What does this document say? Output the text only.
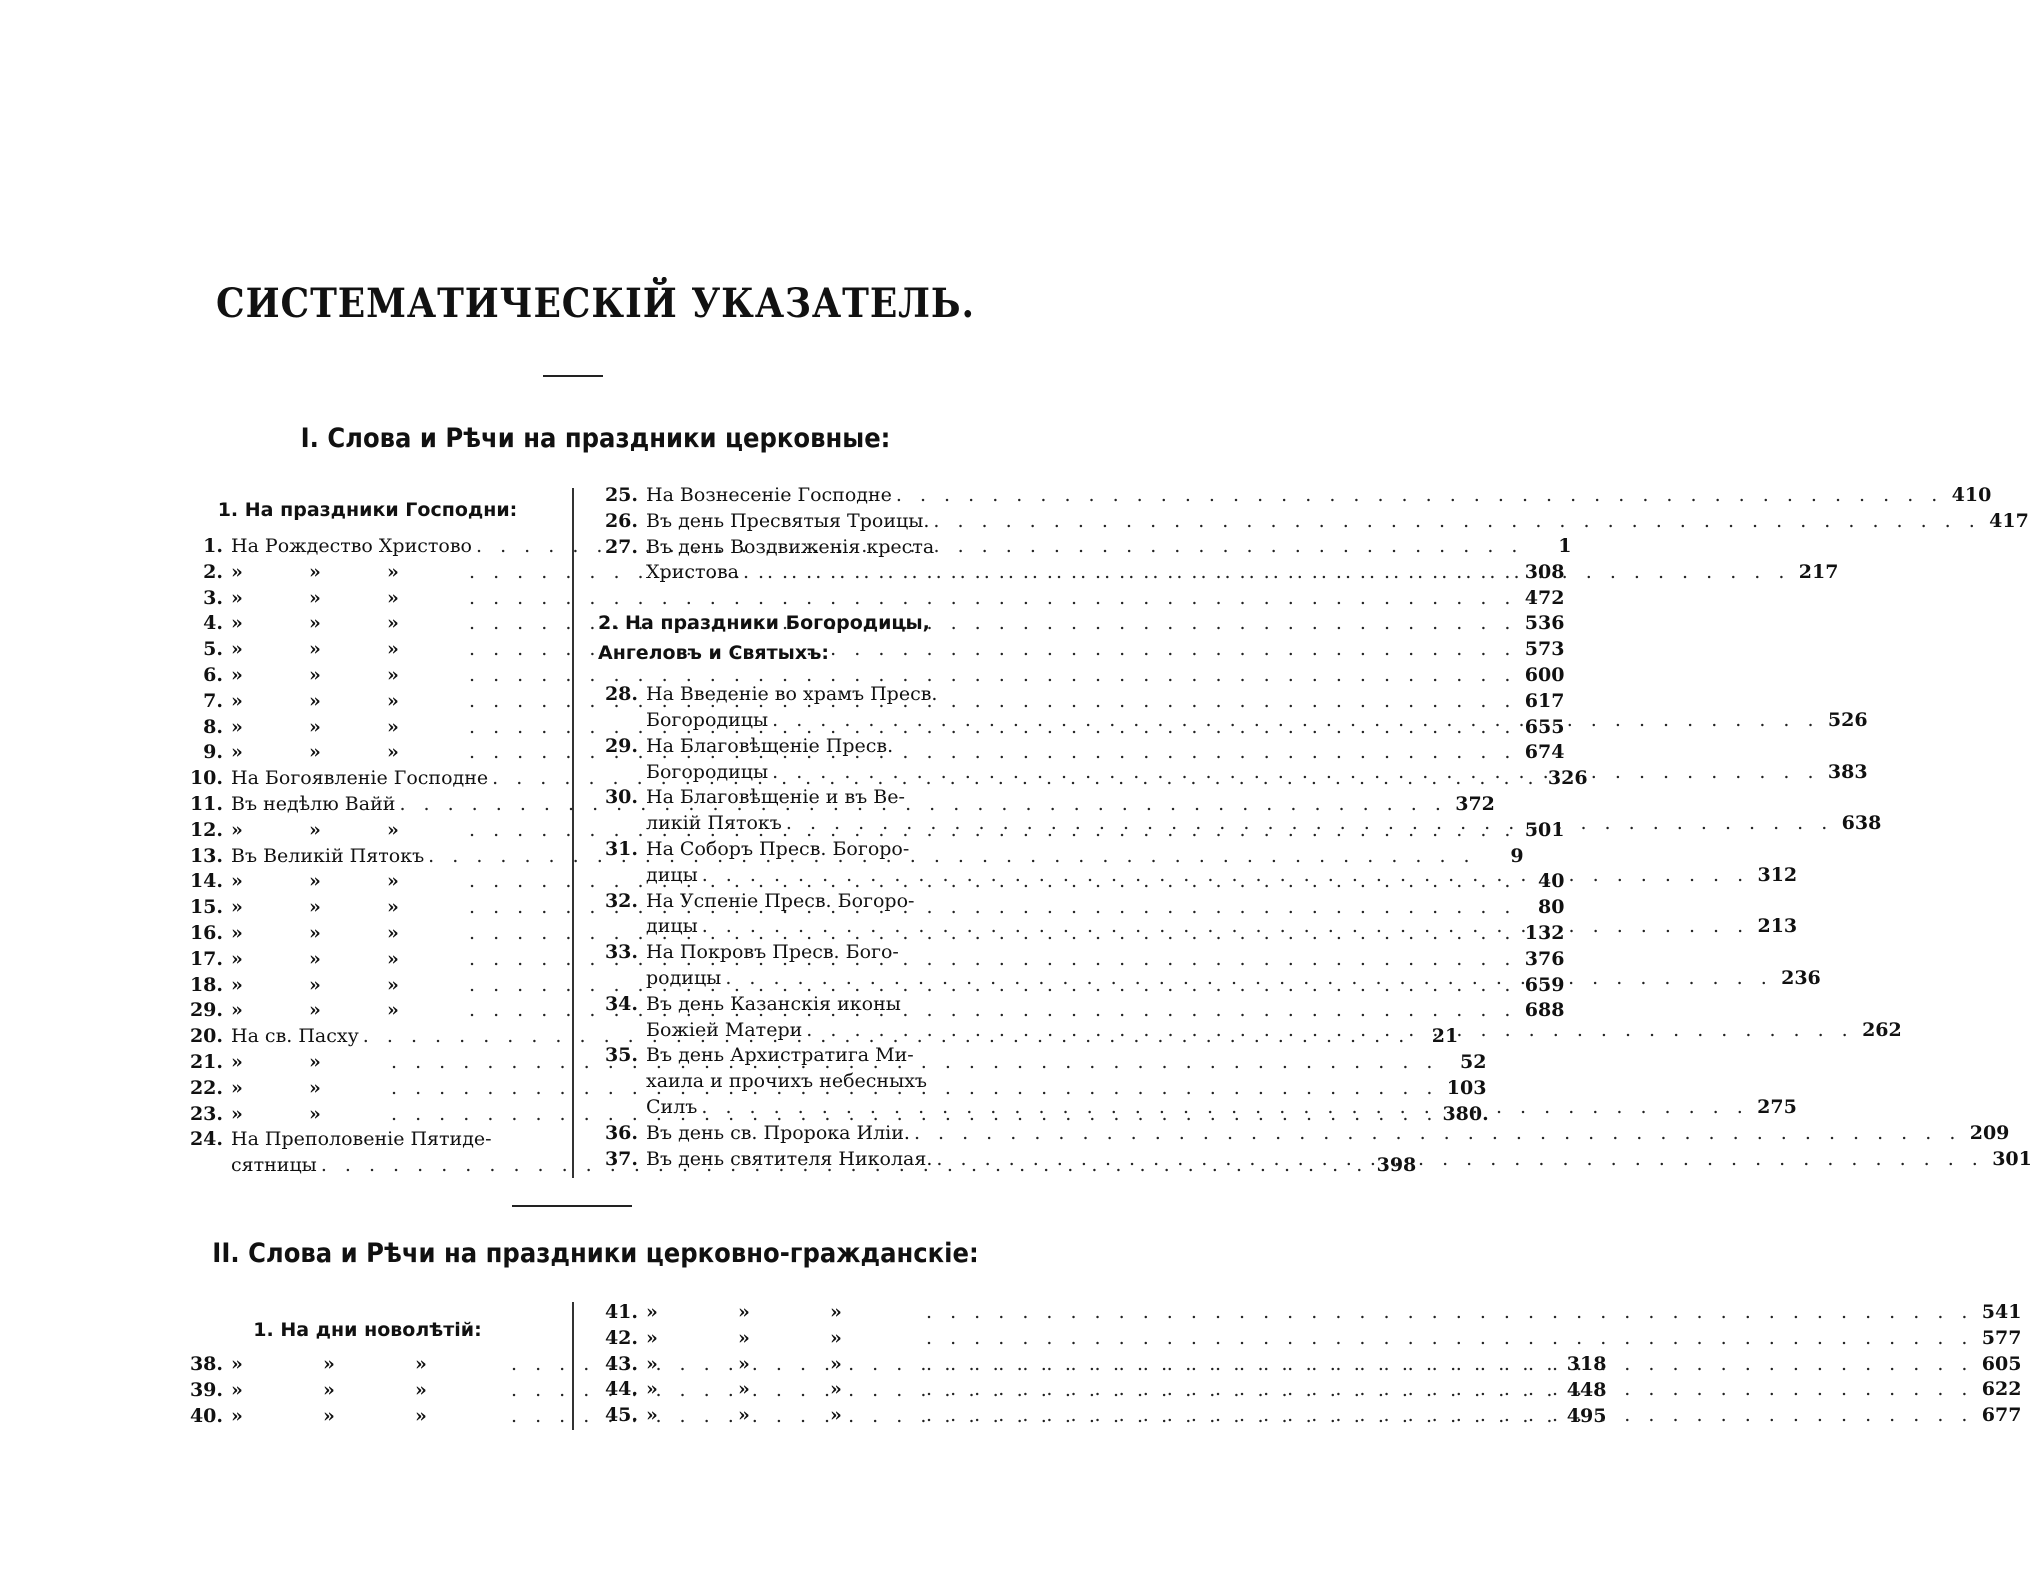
СИСТЕМАТИЧЕСКІЙ УКАЗАТЕЛЬ.
I. Слова и Рѣчи на праздники церковные:
1. На праздники Господни:
1. На Рождество Христово . . .	1
2. »	»	» . . .	308
3. »	»	» . . .	472
4. »	»	» . . .	536
5. »	»	» . . .	573
6. »	»	» . . .	600
7. »	»	» . . .	617
8. »	»	» . . .	655
9. »	»	» . . .	674
10. На Богоявленіе Господне . . .	326
11. Въ недѣлю Вайй . . .	372
12. »	»	» . . .	501
13. Въ Великій Пятокъ . . .	9
14. »	»	» . . .	40
15. »	»	» . . .	80
16. »	»	» . . .	132
17. »	»	» . . .	376
18. »	»	» . . .	659
29. »	»	» . . .	688
20. На св. Пасху . . .	21
21. »	» . . .	52
22. »	» . . .	103
23. »	» . . .	380.
24. На Преполовеніе Пятиде-
сятницы . . .	398
25. На Вознесеніе Господне . . .	410
26. Въ день Пресвятыя Троицы. . . .	417
27. Въ день Воздвиженія креста
Христова . . .	217
2. На праздники Богородицы, Ангеловъ и Святыхъ:
28. На Введеніе во храмъ Пресв.
Богородицы . . .	526
29. На Благовѣщеніе Пресв.
Богородицы . . .	383
30. На Благовѣщеніе и въ Ве-
ликій Пятокъ . . .	638
31. На Соборъ Пресв. Богоро-
дицы . . .	312
32. На Успеніе Пресв. Богоро-
дицы . . .	213
33. На Покровъ Пресв. Бого-
родицы . . .	236
34. Въ день Казанскія иконы
Божіей Матери . . .	262
35. Въ день Архистратига Ми-
хаила и прочихъ небесныхъ
Силъ . . .	275
36. Въ день св. Пророка Иліи. . . .	209
37. Въ день святителя Николая. . . .	301
II. Слова и Рѣчи на праздники церковно-гражданскіе:
1. На дни новолѣтій:
38. »	»	» . . .	318
39. »	»	» . . .	448
40. »	»	» . . .	495
41. »	»	» . . .	541
42. »	»	» . . .	577
43. »	»	» . . .	605
44. »	»	» . . .	622
45. »	»	» . . .	677
